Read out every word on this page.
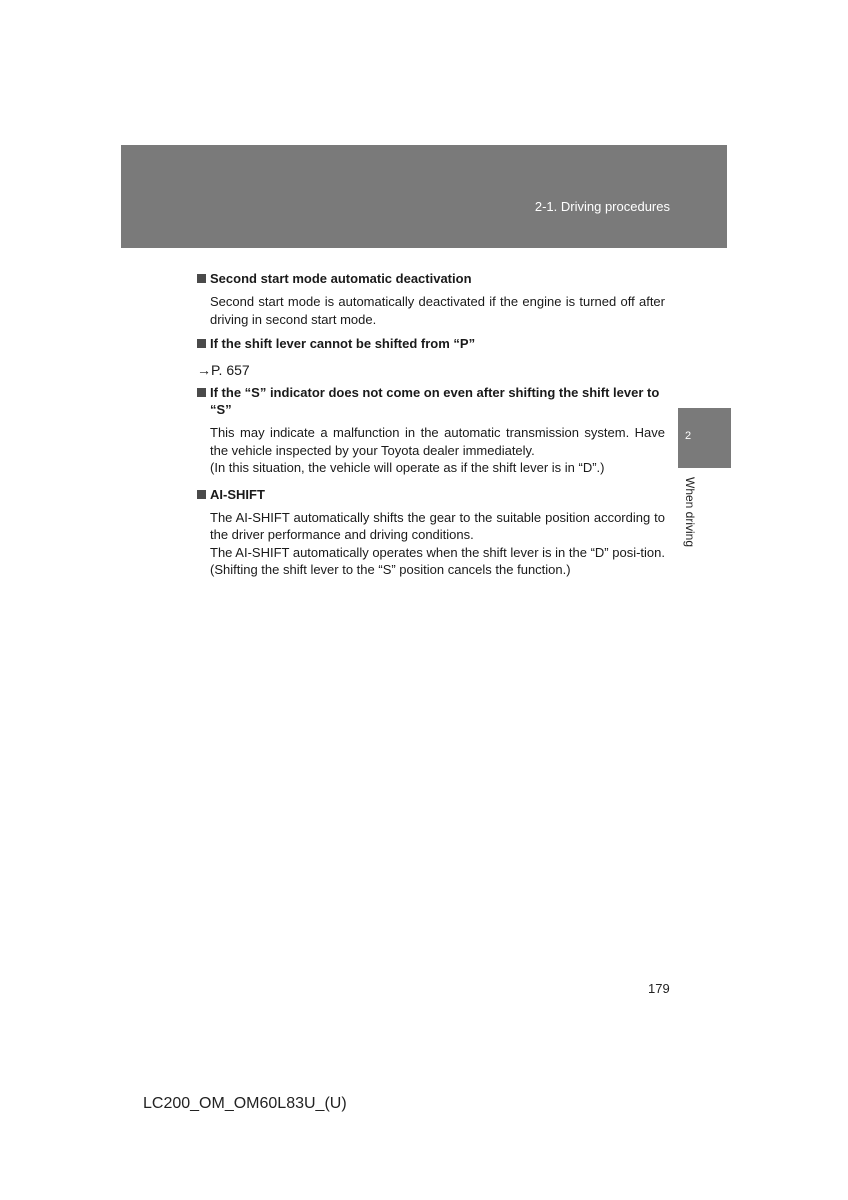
2-1. Driving procedures
2
When driving
Second start mode automatic deactivation

Second start mode is automatically deactivated if the engine is turned off after driving in second start mode.

If the shift lever cannot be shifted from “P”
→P. 657
If the “S” indicator does not come on even after shifting the shift lever to “S”

This may indicate a malfunction in the automatic transmission system. Have the vehicle inspected by your Toyota dealer immediately.

(In this situation, the vehicle will operate as if the shift lever is in “D”.)

AI-SHIFT

The AI-SHIFT automatically shifts the gear to the suitable position according to the driver performance and driving conditions.

The AI-SHIFT automatically operates when the shift lever is in the “D” posi-tion. (Shifting the shift lever to the “S” position cancels the function.)

179
LC200_OM_OM60L83U_(U)
